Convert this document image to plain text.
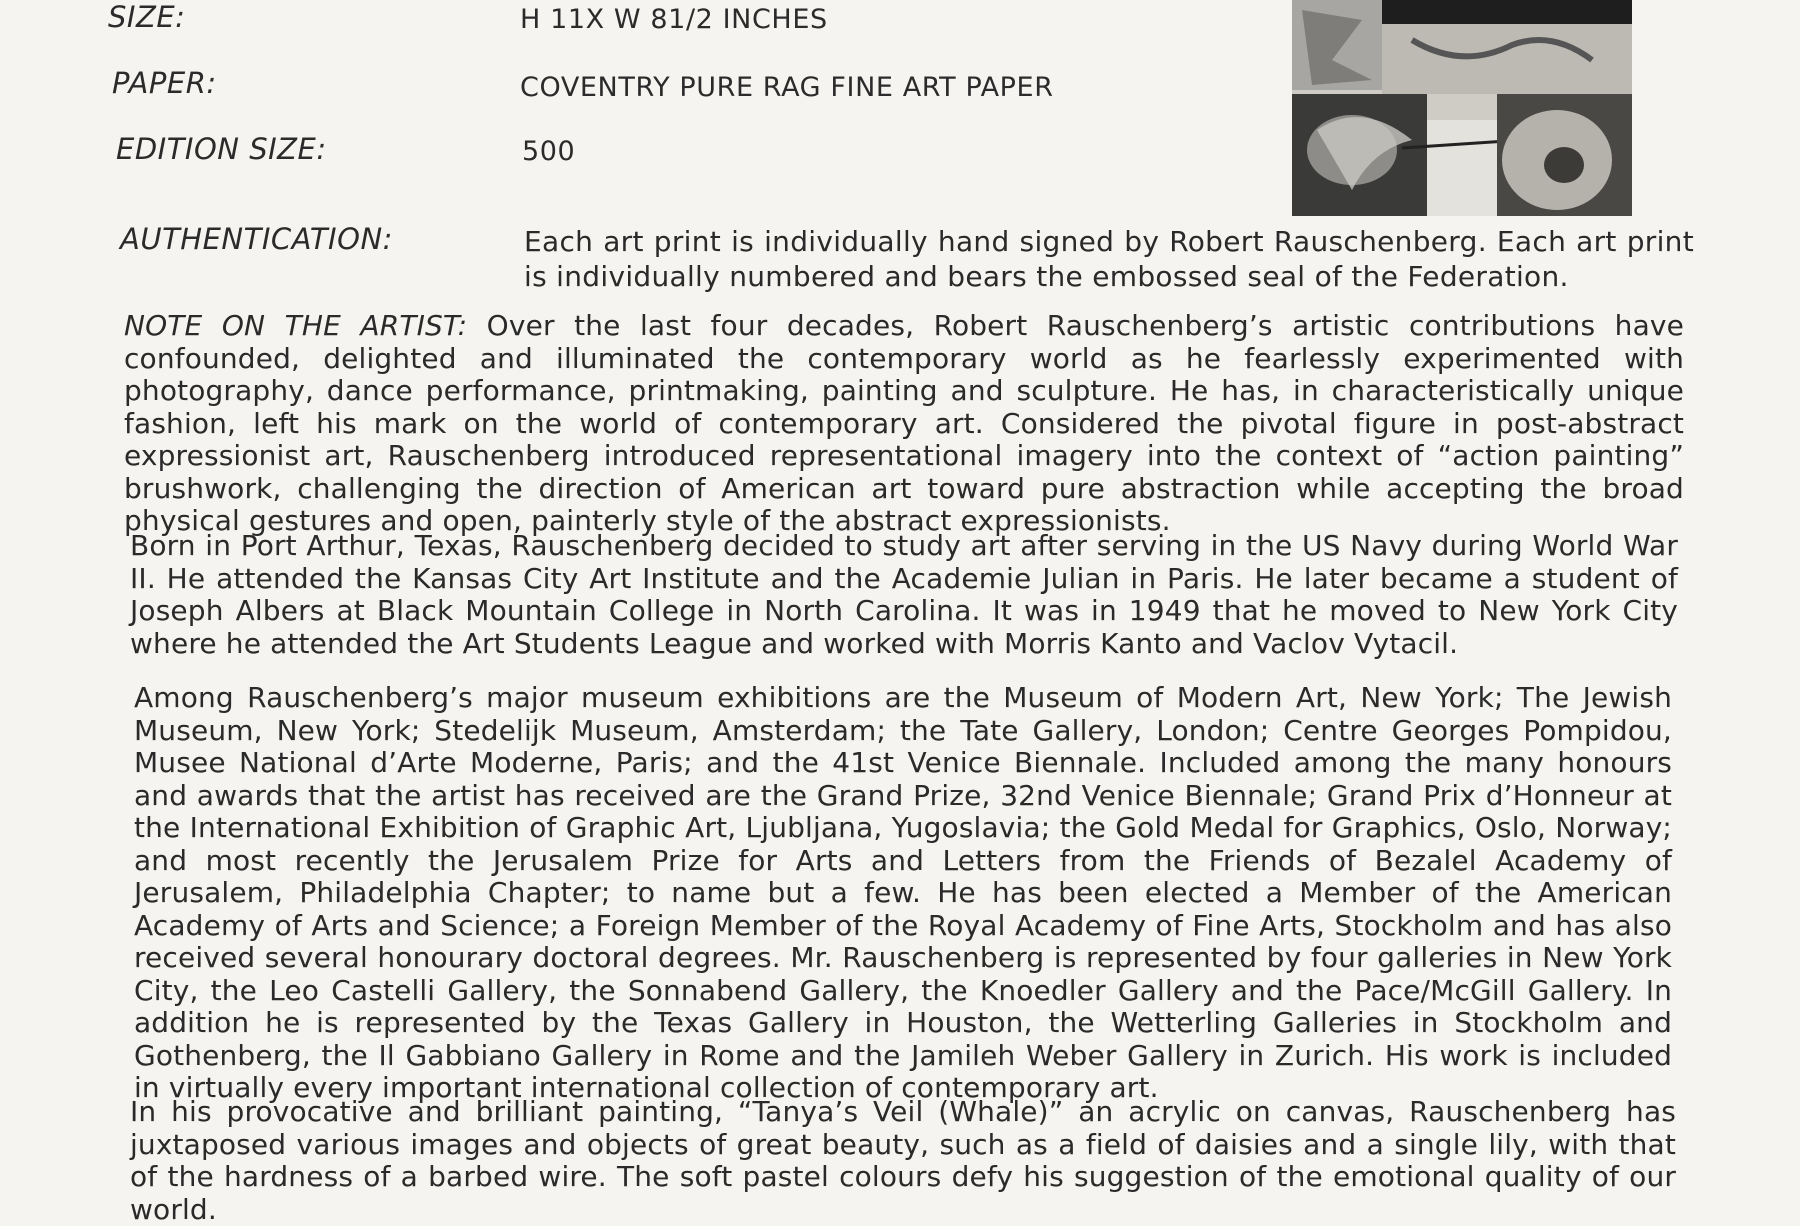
SIZE:	H 11X W 81/2 INCHES
PAPER:	COVENTRY PURE RAG FINE ART PAPER
EDITION SIZE:	500
AUTHENTICATION:	Each art print is individually hand signed by Robert Rauschenberg. Each art print is individually numbered and bears the embossed seal of the Federation.
NOTE ON THE ARTIST: Over the last four decades, Robert Rauschenberg’s artistic contributions have confounded, delighted and illuminated the contemporary world as he fearlessly experimented with photography, dance performance, printmaking, painting and sculpture. He has, in characteristically unique fashion, left his mark on the world of contemporary art. Considered the pivotal figure in post-abstract expressionist art, Rauschenberg introduced representational imagery into the context of “action painting” brushwork, challenging the direction of American art toward pure abstraction while accepting the broad physical gestures and open, painterly style of the abstract expressionists.
Born in Port Arthur, Texas, Rauschenberg decided to study art after serving in the US Navy during World War II. He attended the Kansas City Art Institute and the Academie Julian in Paris. He later became a student of Joseph Albers at Black Mountain College in North Carolina. It was in 1949 that he moved to New York City where he attended the Art Students League and worked with Morris Kanto and Vaclov Vytacil.
Among Rauschenberg’s major museum exhibitions are the Museum of Modern Art, New York; The Jewish Museum, New York; Stedelijk Museum, Amsterdam; the Tate Gallery, London; Centre Georges Pompidou, Musee National d’Arte Moderne, Paris; and the 41st Venice Biennale. Included among the many honours and awards that the artist has received are the Grand Prize, 32nd Venice Biennale; Grand Prix d’Honneur at the International Exhibition of Graphic Art, Ljubljana, Yugoslavia; the Gold Medal for Graphics, Oslo, Norway; and most recently the Jerusalem Prize for Arts and Letters from the Friends of Bezalel Academy of Jerusalem, Philadelphia Chapter; to name but a few. He has been elected a Member of the American Academy of Arts and Science; a Foreign Member of the Royal Academy of Fine Arts, Stockholm and has also received several honourary doctoral degrees. Mr. Rauschenberg is represented by four galleries in New York City, the Leo Castelli Gallery, the Sonnabend Gallery, the Knoedler Gallery and the Pace/McGill Gallery. In addition he is represented by the Texas Gallery in Houston, the Wetterling Galleries in Stockholm and Gothenberg, the Il Gabbiano Gallery in Rome and the Jamileh Weber Gallery in Zurich. His work is included in virtually every important international collection of contemporary art.
In his provocative and brilliant painting, “Tanya’s Veil (Whale)” an acrylic on canvas, Rauschenberg has juxtaposed various images and objects of great beauty, such as a field of daisies and a single lily, with that of the hardness of a barbed wire. The soft pastel colours defy his suggestion of the emotional quality of our world.
